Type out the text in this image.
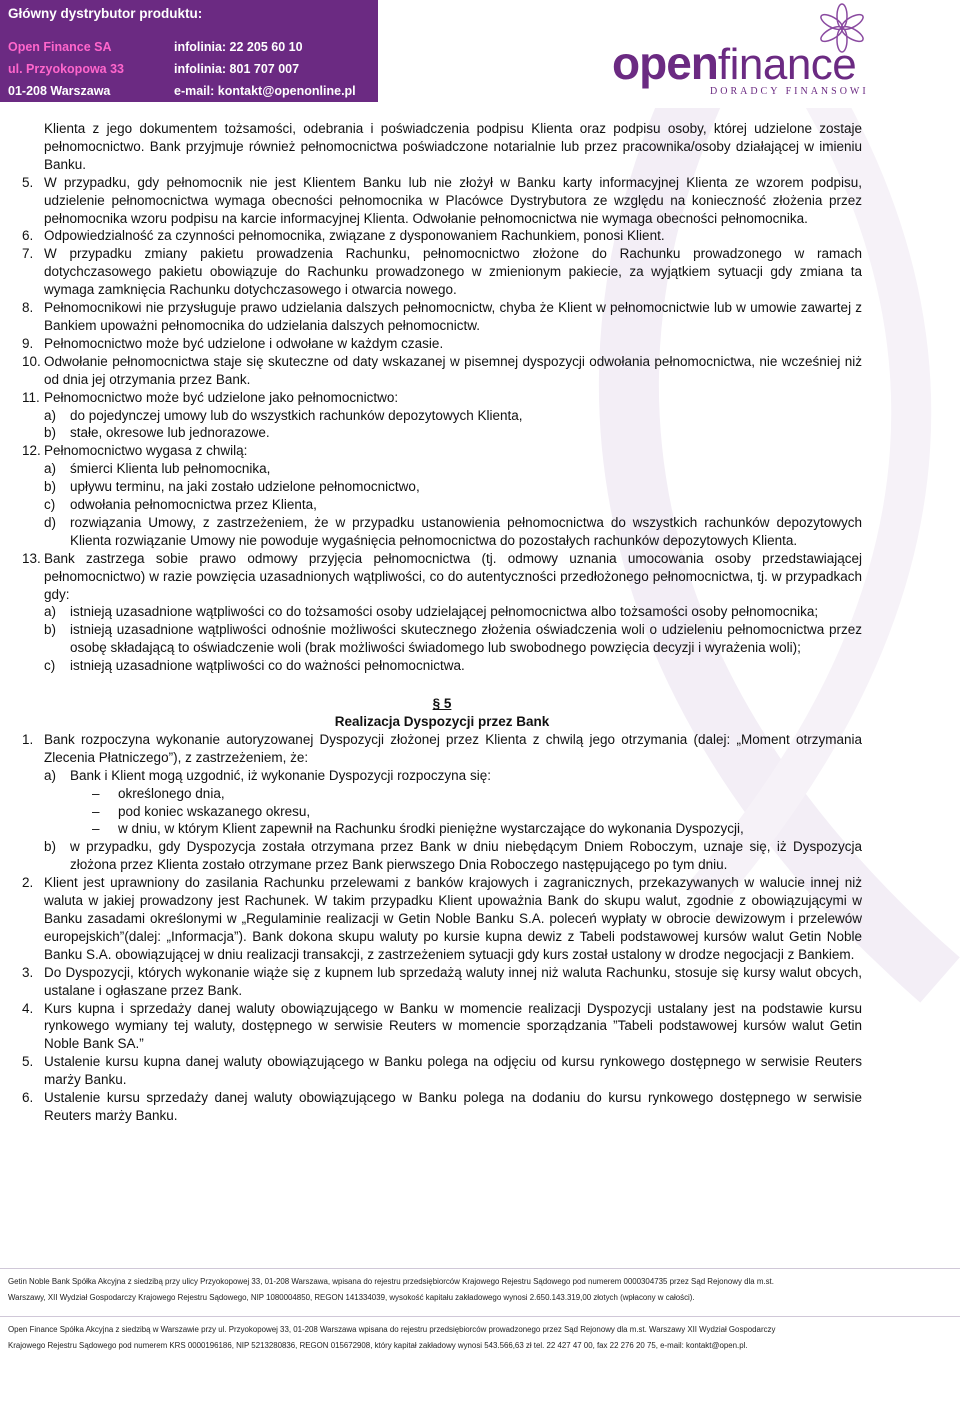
Główny dystrybutor produktu:
Open Finance SA
ul. Przyokopowa 33
01-208 Warszawa
infolinia: 22 205 60 10
infolinia: 801 707 007
e-mail: kontakt@openonline.pl
openfinance
DORADCY FINANSOWI

Klienta z jego dokumentem tożsamości, odebrania i poświadczenia podpisu Klienta oraz podpisu osoby, której udzielone zostaje pełnomocnictwo. Bank przyjmuje również pełnomocnictwa poświadczone notarialnie lub przez pracownika/osoby działającej w imieniu Banku.

5. W przypadku, gdy pełnomocnik nie jest Klientem Banku lub nie złożył w Banku karty informacyjnej Klienta ze wzorem podpisu, udzielenie pełnomocnictwa wymaga obecności pełnomocnika w Placówce Dystrybutora ze względu na konieczność złożenia przez pełnomocnika wzoru podpisu na karcie informacyjnej Klienta. Odwołanie pełnomocnictwa nie wymaga obecności pełnomocnika.

6. Odpowiedzialność za czynności pełnomocnika, związane z dysponowaniem Rachunkiem, ponosi Klient.

7. W przypadku zmiany pakietu prowadzenia Rachunku, pełnomocnictwo złożone do Rachunku prowadzonego w ramach dotychczasowego pakietu obowiązuje do Rachunku prowadzonego w zmienionym pakiecie, za wyjątkiem sytuacji gdy zmiana ta wymaga zamknięcia Rachunku dotychczasowego i otwarcia nowego.

8. Pełnomocnikowi nie przysługuje prawo udzielania dalszych pełnomocnictw, chyba że Klient w pełnomocnictwie lub w umowie zawartej z Bankiem upoważni pełnomocnika do udzielania dalszych pełnomocnictw.

9. Pełnomocnictwo może być udzielone i odwołane w każdym czasie.

10. Odwołanie pełnomocnictwa staje się skuteczne od daty wskazanej w pisemnej dyspozycji odwołania pełnomocnictwa, nie wcześniej niż od dnia jej otrzymania przez Bank.

11. Pełnomocnictwo może być udzielone jako pełnomocnictwo:

a) do pojedynczej umowy lub do wszystkich rachunków depozytowych Klienta,

b) stałe, okresowe lub jednorazowe.

12. Pełnomocnictwo wygasa z chwilą:

a) śmierci Klienta lub pełnomocnika,

b) upływu terminu, na jaki zostało udzielone pełnomocnictwo,

c) odwołania pełnomocnictwa przez Klienta,

d) rozwiązania Umowy, z zastrzeżeniem, że w przypadku ustanowienia pełnomocnictwa do wszystkich rachunków depozytowych Klienta rozwiązanie Umowy nie powoduje wygaśnięcia pełnomocnictwa do pozostałych rachunków depozytowych Klienta.

13. Bank zastrzega sobie prawo odmowy przyjęcia pełnomocnictwa (tj. odmowy uznania umocowania osoby przedstawiającej pełnomocnictwo) w razie powzięcia uzasadnionych wątpliwości, co do autentyczności przedłożonego pełnomocnictwa, tj. w przypadkach gdy:

a) istnieją uzasadnione wątpliwości co do tożsamości osoby udzielającej pełnomocnictwa albo tożsamości osoby pełnomocnika;

b) istnieją uzasadnione wątpliwości odnośnie możliwości skutecznego złożenia oświadczenia woli o udzieleniu pełnomocnictwa przez osobę składającą to oświadczenie woli (brak możliwości świadomego lub swobodnego powzięcia decyzji i wyrażenia woli);

c) istnieją uzasadnione wątpliwości co do ważności pełnomocnictwa.

§ 5

Realizacja Dyspozycji przez Bank

1. Bank rozpoczyna wykonanie autoryzowanej Dyspozycji złożonej przez Klienta z chwilą jego otrzymania (dalej: „Moment otrzymania Zlecenia Płatniczego”), z zastrzeżeniem, że:

a) Bank i Klient mogą uzgodnić, iż wykonanie Dyspozycji rozpoczyna się:

– określonego dnia,

– pod koniec wskazanego okresu,

– w dniu, w którym Klient zapewnił na Rachunku środki pieniężne wystarczające do wykonania Dyspozycji,

b) w przypadku, gdy Dyspozycja została otrzymana przez Bank w dniu niebędącym Dniem Roboczym, uznaje się, iż Dyspozycja złożona przez Klienta zostało otrzymane przez Bank pierwszego Dnia Roboczego następującego po tym dniu.

2. Klient jest uprawniony do zasilania Rachunku przelewami z banków krajowych i zagranicznych, przekazywanych w walucie innej niż waluta w jakiej prowadzony jest Rachunek. W takim przypadku Klient upoważnia Bank do skupu walut, zgodnie z obowiązującymi w Banku zasadami określonymi w „Regulaminie realizacji w Getin Noble Banku S.A. poleceń wypłaty w obrocie dewizowym i przelewów europejskich”(dalej: „Informacja”). Bank dokona skupu waluty po kursie kupna dewiz z Tabeli podstawowej kursów walut Getin Noble Banku S.A. obowiązującej w dniu realizacji transakcji, z zastrzeżeniem sytuacji gdy kurs został ustalony w drodze negocjacji z Bankiem.

3. Do Dyspozycji, których wykonanie wiąże się z kupnem lub sprzedażą waluty innej niż waluta Rachunku, stosuje się kursy walut obcych, ustalane i ogłaszane przez Bank.

4. Kurs kupna i sprzedaży danej waluty obowiązującego w Banku w momencie realizacji Dyspozycji ustalany jest na podstawie kursu rynkowego wymiany tej waluty, dostępnego w serwisie Reuters w momencie sporządzania ”Tabeli podstawowej kursów walut Getin Noble Bank SA.”

5. Ustalenie kursu kupna danej waluty obowiązującego w Banku polega na odjęciu od kursu rynkowego dostępnego w serwisie Reuters marży Banku.

6. Ustalenie kursu sprzedaży danej waluty obowiązującego w Banku polega na dodaniu do kursu rynkowego dostępnego w serwisie Reuters marży Banku.

Getin Noble Bank Spółka Akcyjna z siedzibą przy ulicy Przyokopowej 33, 01-208 Warszawa, wpisana do rejestru przedsiębiorców Krajowego Rejestru Sądowego pod numerem 0000304735 przez Sąd Rejonowy dla m.st.
Warszawy, XII Wydział Gospodarczy Krajowego Rejestru Sądowego, NIP 1080004850, REGON 141334039, wysokość kapitału zakładowego wynosi 2.650.143.319,00 złotych (wpłacony w całości).
Open Finance Spółka Akcyjna z siedzibą w Warszawie przy ul. Przyokopowej 33, 01-208 Warszawa wpisana do rejestru przedsiębiorców prowadzonego przez Sąd Rejonowy dla m.st. Warszawy XII Wydział Gospodarczy
Krajowego Rejestru Sądowego pod numerem KRS 0000196186, NIP 5213280836, REGON 015672908, który kapitał zakładowy wynosi 543.566,63 zł tel. 22 427 47 00, fax 22 276 20 75, e-mail: kontakt@open.pl.
